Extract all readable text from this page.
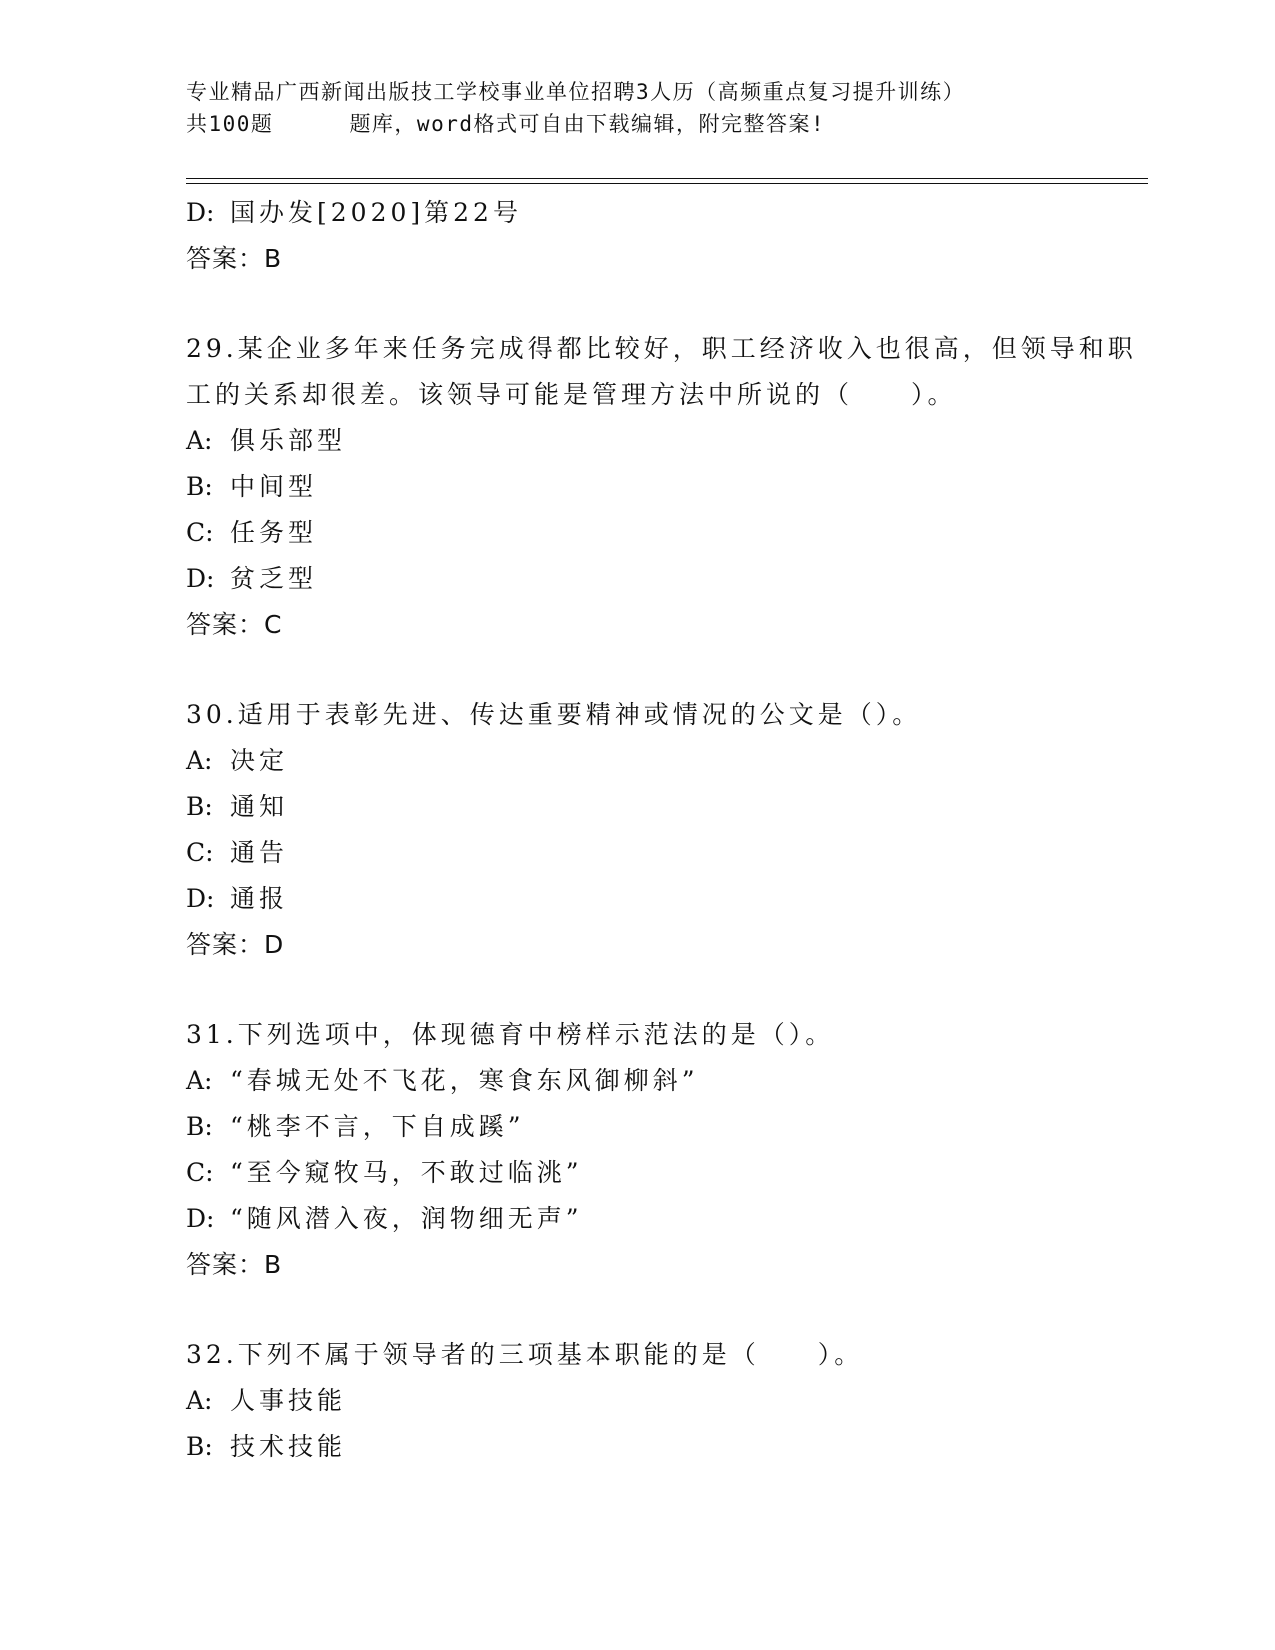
专业精品广西新闻出版技工学校事业单位招聘3人历（高频重点复习提升训练）
共100题	题库，word格式可自由下载编辑，附完整答案!
D: 国办发[2020]第22号
答案：B
29.某企业多年来任务完成得都比较好，职工经济收入也很高，但领导和职工的关系却很差。该领导可能是管理方法中所说的（　　）。
A: 俱乐部型
B: 中间型
C: 任务型
D: 贫乏型
答案：C
30.适用于表彰先进、传达重要精神或情况的公文是（）。
A: 决定
B: 通知
C: 通告
D: 通报
答案：D
31.下列选项中，体现德育中榜样示范法的是（）。
A: “春城无处不飞花，寒食东风御柳斜”
B: “桃李不言，下自成蹊”
C: “至今窥牧马，不敢过临洮”
D: “随风潜入夜，润物细无声”
答案：B
32.下列不属于领导者的三项基本职能的是（　　）。
A: 人事技能
B: 技术技能
